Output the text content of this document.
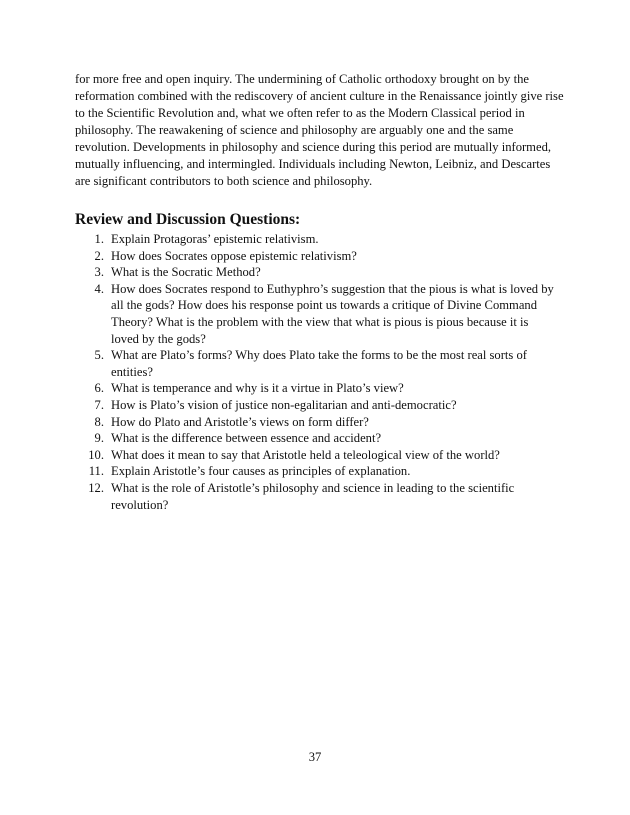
for more free and open inquiry. The undermining of Catholic orthodoxy brought on by the reformation combined with the rediscovery of ancient culture in the Renaissance jointly give rise to the Scientific Revolution and, what we often refer to as the Modern Classical period in philosophy. The reawakening of science and philosophy are arguably one and the same revolution. Developments in philosophy and science during this period are mutually informed, mutually influencing, and intermingled. Individuals including Newton, Leibniz, and Descartes are significant contributors to both science and philosophy.

Review and Discussion Questions:
1. Explain Protagoras’ epistemic relativism.
2. How does Socrates oppose epistemic relativism?
3. What is the Socratic Method?
4. How does Socrates respond to Euthyphro’s suggestion that the pious is what is loved by all the gods? How does his response point us towards a critique of Divine Command Theory? What is the problem with the view that what is pious is pious because it is loved by the gods?
5. What are Plato’s forms? Why does Plato take the forms to be the most real sorts of entities?
6. What is temperance and why is it a virtue in Plato’s view?
7. How is Plato’s vision of justice non-egalitarian and anti-democratic?
8. How do Plato and Aristotle’s views on form differ?
9. What is the difference between essence and accident?
10. What does it mean to say that Aristotle held a teleological view of the world?
11. Explain Aristotle’s four causes as principles of explanation.
12. What is the role of Aristotle’s philosophy and science in leading to the scientific revolution?
37
